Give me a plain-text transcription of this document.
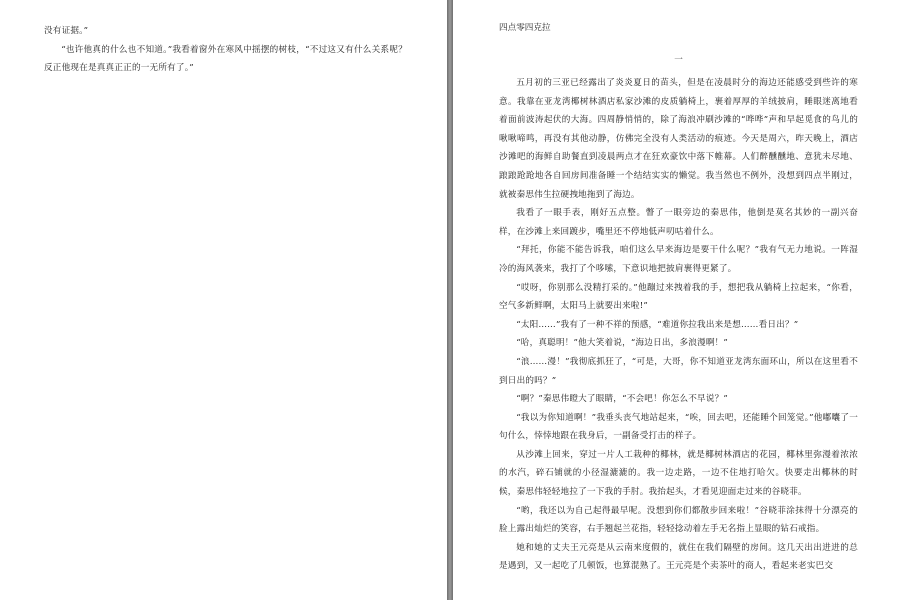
没有证据。”

“也许他真的什么也不知道。”我看着窗外在寒风中摇摆的树枝，“不过这又有什么关系呢？反正他现在是真真正正的一无所有了。”

四点零四克拉
一

五月初的三亚已经露出了炎炎夏日的苗头，但是在凌晨时分的海边还能感受到些许的寒意。我靠在亚龙湾椰树林酒店私家沙滩的皮质躺椅上，裹着厚厚的羊绒披肩，睡眼迷离地看着面前波涛起伏的大海。四周静悄悄的，除了海浪冲刷沙滩的“哗哗”声和早起觅食的鸟儿的啾啾啼鸣，再没有其他动静，仿佛完全没有人类活动的痕迹。今天是周六，昨天晚上，酒店沙滩吧的海鲜自助餐直到凌晨两点才在狂欢豪饮中落下帷幕。人们醉醺醺地、意犹未尽地、踉踉跄跄地各自回房间准备睡一个结结实实的懒觉。我当然也不例外，没想到四点半刚过，就被秦思伟生拉硬拽地拖到了海边。

我看了一眼手表，刚好五点整。瞥了一眼旁边的秦思伟，他倒是莫名其妙的一副兴奋样，在沙滩上来回踱步，嘴里还不停地低声叨咕着什么。

“拜托，你能不能告诉我，咱们这么早来海边是要干什么呢？”我有气无力地说。一阵湿冷的海风袭来，我打了个哆嗦，下意识地把披肩裹得更紧了。

“哎呀，你别那么没精打采的。”他蹦过来拽着我的手，想把我从躺椅上拉起来，“你看，空气多新鲜啊，太阳马上就要出来啦!”

“太阳……”我有了一种不祥的预感，“难道你拉我出来是想……看日出？”

“哈，真聪明！”他大笑着说，“海边日出，多浪漫啊！”

“浪……漫！”我彻底抓狂了，“可是，大哥，你不知道亚龙湾东面环山，所以在这里看不到日出的吗？”

“啊？”秦思伟瞪大了眼睛，“不会吧！你怎么不早说？”

“我以为你知道啊！”我垂头丧气地站起来，“唉，回去吧，还能睡个回笼觉。”他嘟囔了一句什么，悻悻地跟在我身后，一副备受打击的样子。

从沙滩上回来，穿过一片人工栽种的椰林，就是椰树林酒店的花园，椰林里弥漫着浓浓的水汽，碎石铺就的小径湿漉漉的。我一边走路，一边不住地打哈欠。快要走出椰林的时候，秦思伟轻轻地拉了一下我的手肘。我抬起头，才看见迎面走过来的谷晓菲。

“哟，我还以为自己起得最早呢。没想到你们都散步回来啦！”谷晓菲涂抹得十分漂亮的脸上露出灿烂的笑容，右手翘起兰花指，轻轻捻动着左手无名指上显眼的钻石戒指。

她和她的丈夫王元亮是从云南来度假的，就住在我们隔壁的房间。这几天出出进进的总是遇到，又一起吃了几顿饭，也算混熟了。王元亮是个卖茶叶的商人，看起来老实巴交
